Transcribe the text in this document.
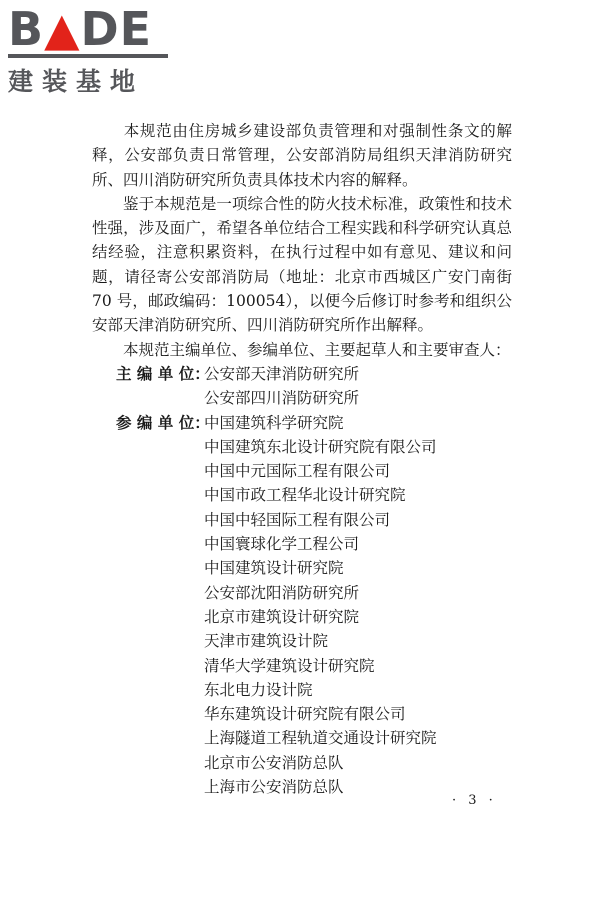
B▲DE
建装基地

本规范由住房城乡建设部负责管理和对强制性条文的解释，公安部负责日常管理，公安部消防局组织天津消防研究所、四川消防研究所负责具体技术内容的解释。

鉴于本规范是一项综合性的防火技术标准，政策性和技术性强，涉及面广，希望各单位结合工程实践和科学研究认真总结经验，注意积累资料，在执行过程中如有意见、建议和问题，请径寄公安部消防局（地址：北京市西城区广安门南街 70 号，邮政编码：100054），以便今后修订时参考和组织公安部天津消防研究所、四川消防研究所作出解释。

本规范主编单位、参编单位、主要起草人和主要审查人：

主 编 单 位：
公安部天津消防研究所
公安部四川消防研究所
参 编 单 位：
中国建筑科学研究院
中国建筑东北设计研究院有限公司
中国中元国际工程有限公司
中国市政工程华北设计研究院
中国中轻国际工程有限公司
中国寰球化学工程公司
中国建筑设计研究院
公安部沈阳消防研究所
北京市建筑设计研究院
天津市建筑设计院
清华大学建筑设计研究院
东北电力设计院
华东建筑设计研究院有限公司
上海隧道工程轨道交通设计研究院
北京市公安消防总队
上海市公安消防总队
· 3 ·
